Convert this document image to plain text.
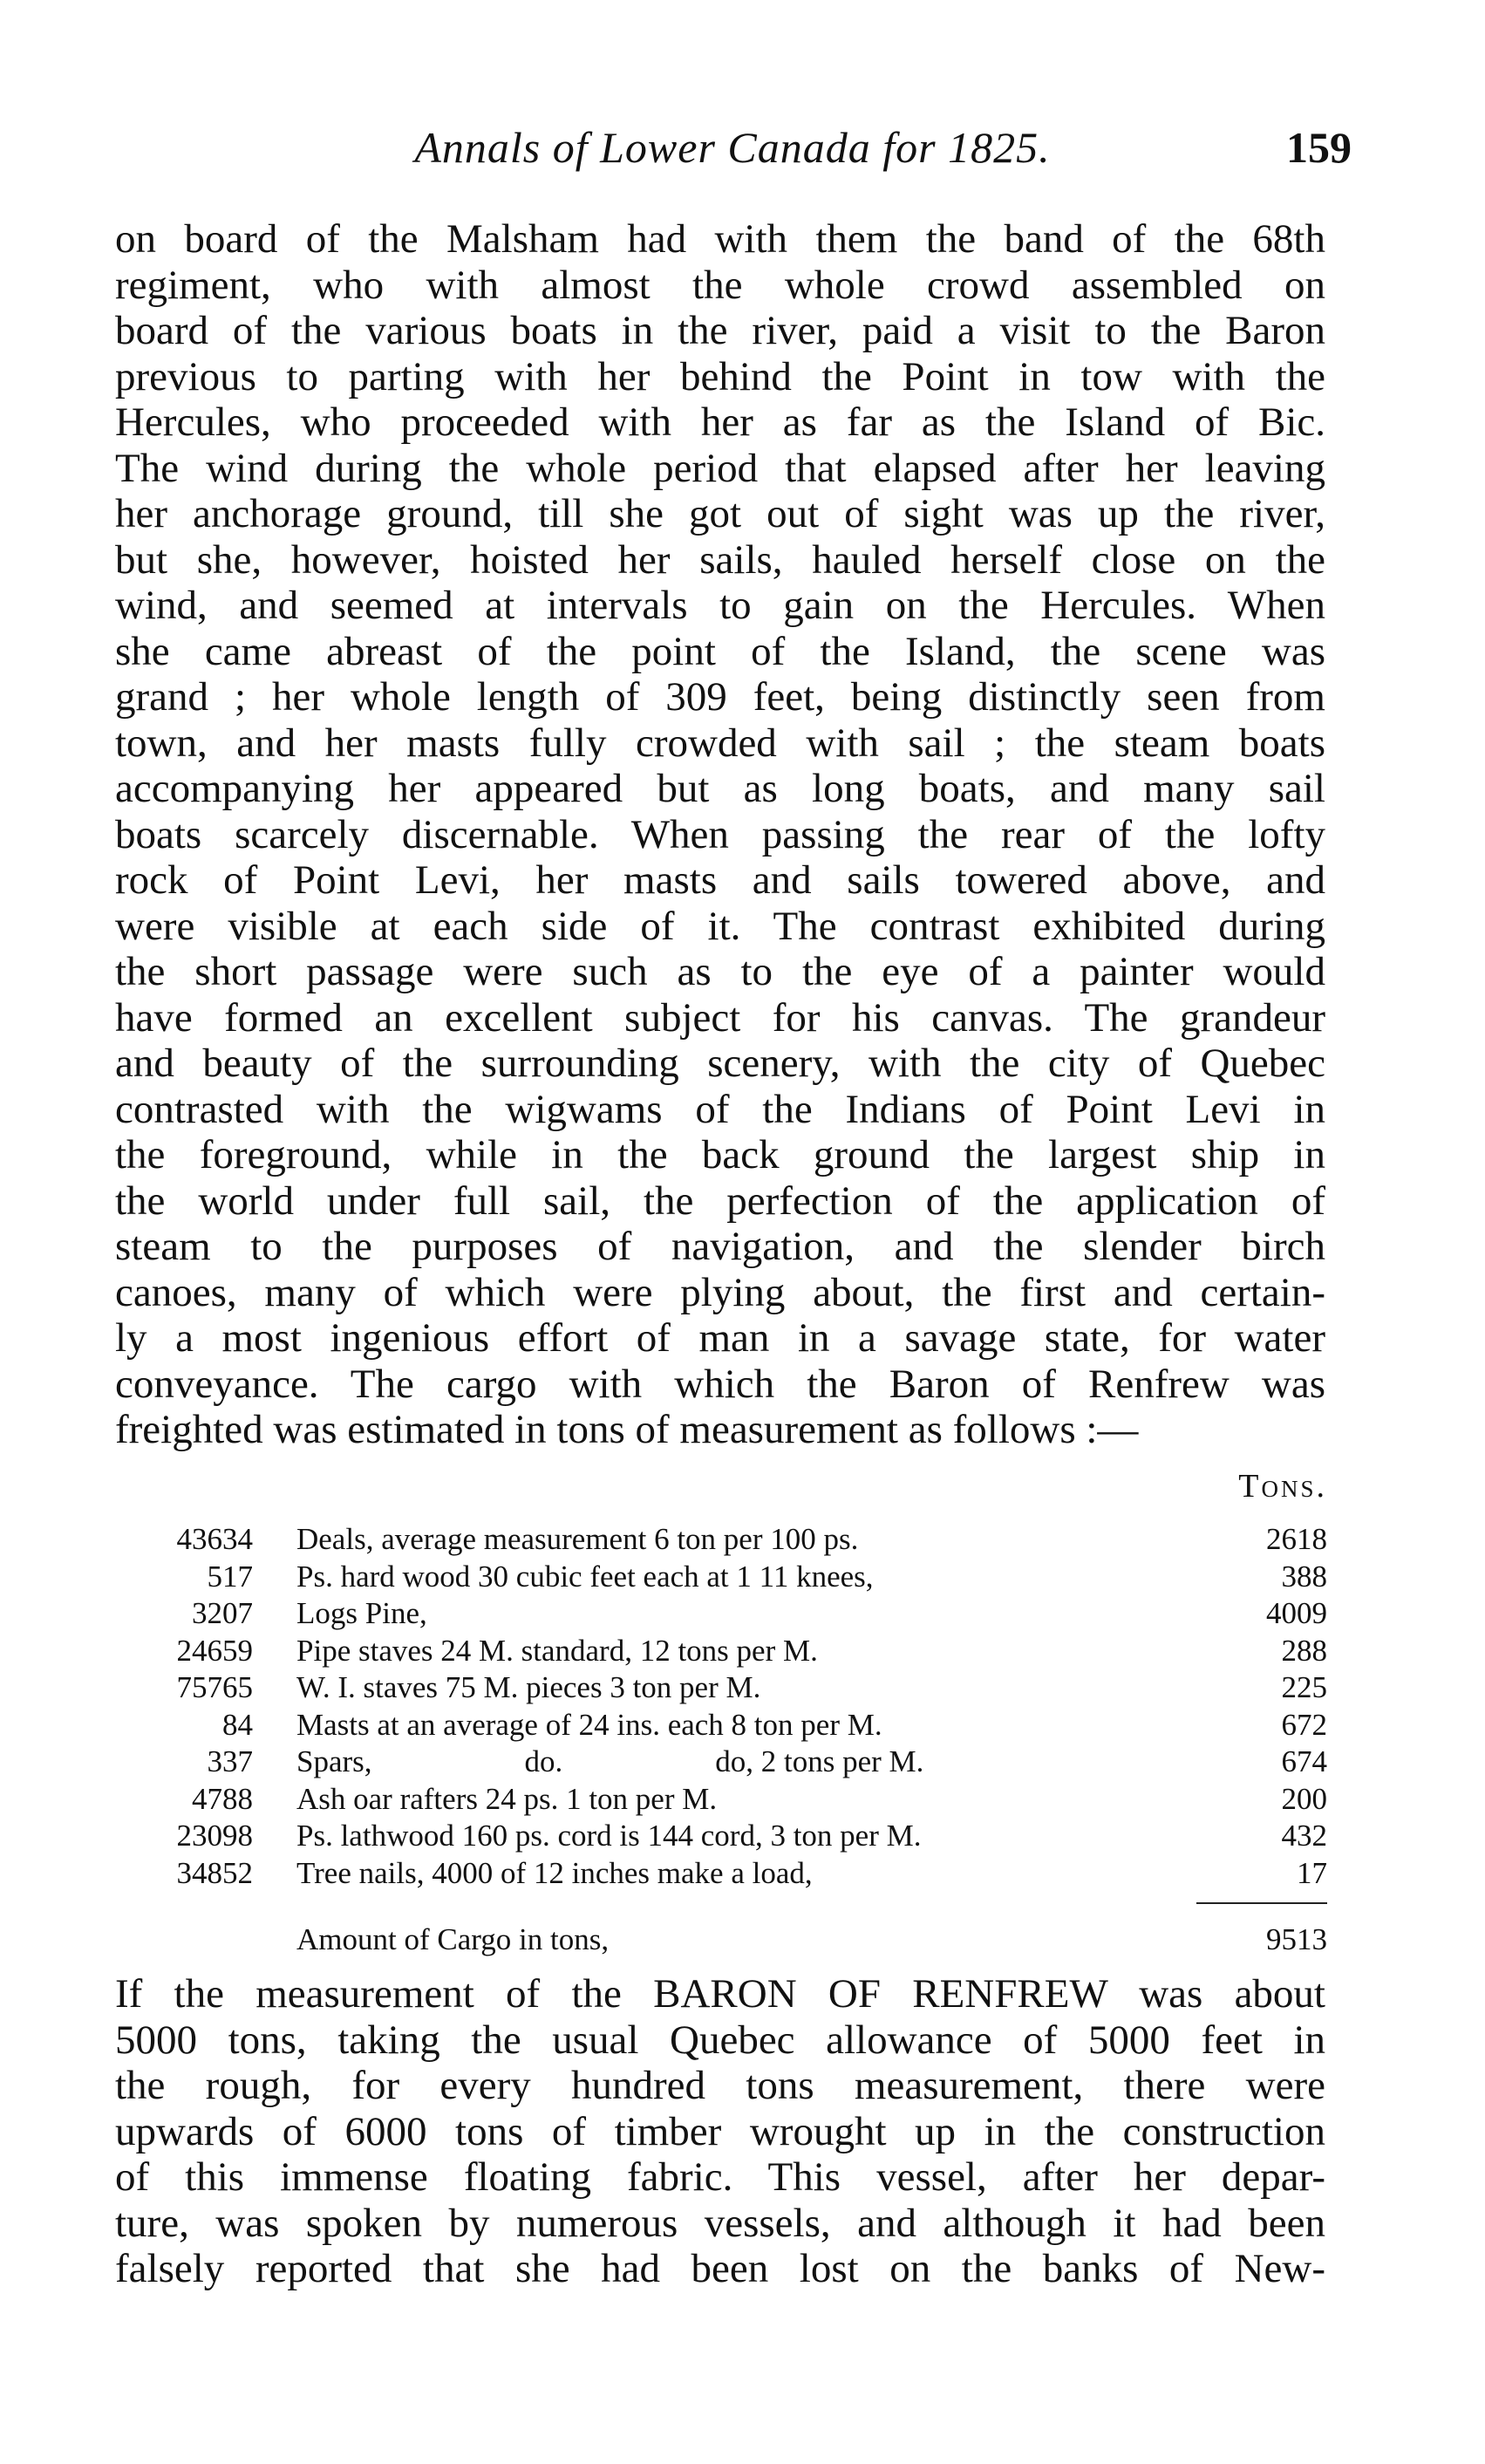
Annals of Lower Canada for 1825.	159
on board of the Malsham had with them the band of the 68th
regiment, who with almost the whole crowd assembled on
board of the various boats in the river, paid a visit to the Baron
previous to parting with her behind the Point in tow with the
Hercules, who proceeded with her as far as the Island of Bic.
The wind during the whole period that elapsed after her leaving
her anchorage ground, till she got out of sight was up the river,
but she, however, hoisted her sails, hauled herself close on the
wind, and seemed at intervals to gain on the Hercules. When
she came abreast of the point of the Island, the scene was
grand ; her whole length of 309 feet, being distinctly seen from
town, and her masts fully crowded with sail ; the steam boats
accompanying her appeared but as long boats, and many sail
boats scarcely discernable. When passing the rear of the lofty
rock of Point Levi, her masts and sails towered above, and
were visible at each side of it. The contrast exhibited during
the short passage were such as to the eye of a painter would
have formed an excellent subject for his canvas. The grandeur
and beauty of the surrounding scenery, with the city of Quebec
contrasted with the wigwams of the Indians of Point Levi in
the foreground, while in the back ground the largest ship in
the world under full sail, the perfection of the application of
steam to the purposes of navigation, and the slender birch
canoes, many of which were plying about, the first and certain-
ly a most ingenious effort of man in a savage state, for water
conveyance. The cargo with which the Baron of Renfrew was
freighted was estimated in tons of measurement as follows :—
Tons.
43634 Deals, average measurement 6 ton per 100 ps.	2618
517 Ps. hard wood 30 cubic feet each at 1 11 knees,	388
3207 Logs Pine,	4009
24659 Pipe staves 24 M. standard, 12 tons per M.	288
75765 W. I. staves 75 M. pieces 3 ton per M.	225
84 Masts at an average of 24 ins. each 8 ton per M.	672
337 Spars,                    do.                    do, 2 tons per M.	674
4788 Ash oar rafters 24 ps. 1 ton per M.	200
23098 Ps. lathwood 160 ps. cord is 144 cord, 3 ton per M.	432
34852 Tree nails, 4000 of 12 inches make a load,	17
Amount of Cargo in tons,	9513
If the measurement of the BARON OF RENFREW was about
5000 tons, taking the usual Quebec allowance of 5000 feet in
the rough, for every hundred tons measurement, there were
upwards of 6000 tons of timber wrought up in the construction
of this immense floating fabric. This vessel, after her depar-
ture, was spoken by numerous vessels, and although it had been
falsely reported that she had been lost on the banks of New-
